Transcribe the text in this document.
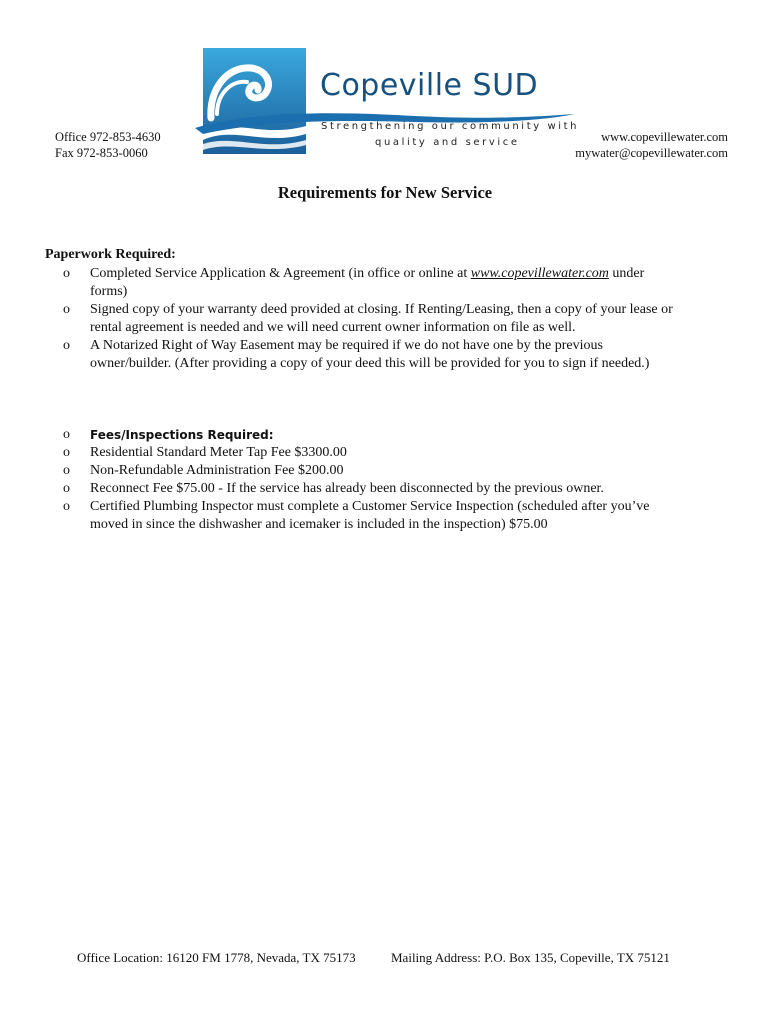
Office 972-853-4630
Fax 972-853-0060
Copeville SUD
Strengthening our community with
quality and service	www.copevillewater.com
mywater@copevillewater.com
Requirements for New Service
Paperwork Required:
o	Completed Service Application & Agreement (in office or online at www.copevillewater.com under
forms)
o	Signed copy of your warranty deed provided at closing. If Renting/Leasing, then a copy of your lease or
rental agreement is needed and we will need current owner information on file as well.
o	A Notarized Right of Way Easement may be required if we do not have one by the previous
owner/builder. (After providing a copy of your deed this will be provided for you to sign if needed.)
o	Fees/Inspections Required:
o	Residential Standard Meter Tap Fee $3300.00
o	Non-Refundable Administration Fee $200.00
o	Reconnect Fee $75.00 - If the service has already been disconnected by the previous owner.
o	Certified Plumbing Inspector must complete a Customer Service Inspection (scheduled after you’ve
moved in since the dishwasher and icemaker is included in the inspection) $75.00
Office Location: 16120 FM 1778, Nevada, TX 75173	Mailing Address: P.O. Box 135, Copeville, TX 75121
